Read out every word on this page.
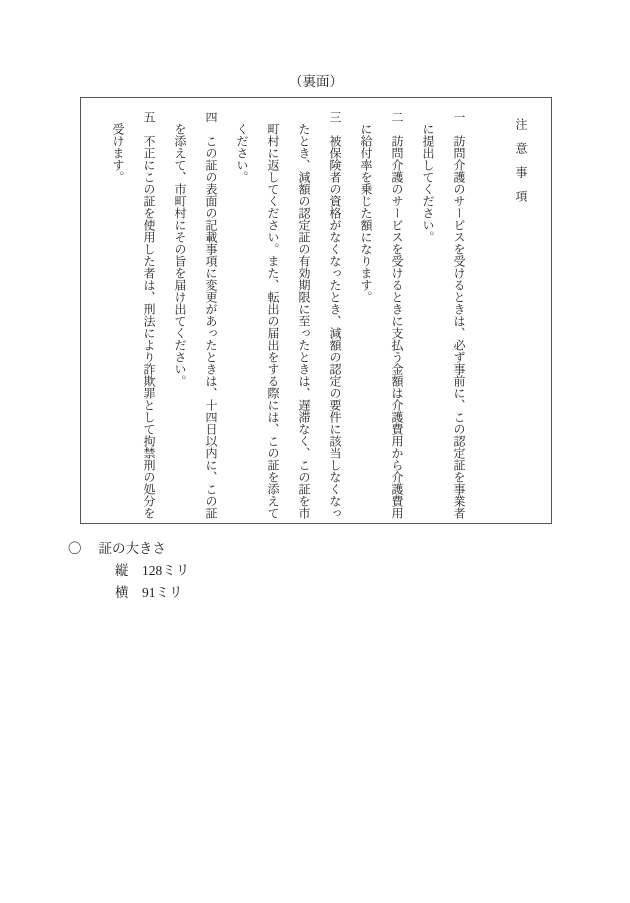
（裏面）
注　意　事　項
一　訪問介護のサービスを受けるときは、必ず事前に、この認定証を事業者
に提出してください。
二　訪問介護のサービスを受けるときに支払う金額は介護費用から介護費用
に給付率を乗じた額になります。
三　被保険者の資格がなくなったとき、減額の認定の要件に該当しなくなっ
たとき、減額の認定証の有効期限に至ったときは、遅滞なく、この証を市
町村に返してください。また、転出の届出をする際には、この証を添えて
ください。
四　この証の表面の記載事項に変更があったときは、十四日以内に、この証
を添えて、市町村にその旨を届け出てください。
五　不正にこの証を使用した者は、刑法により詐欺罪として拘禁刑の処分を
受けます。
〇 証の大きさ
縦　128ミリ
横　91ミリ
